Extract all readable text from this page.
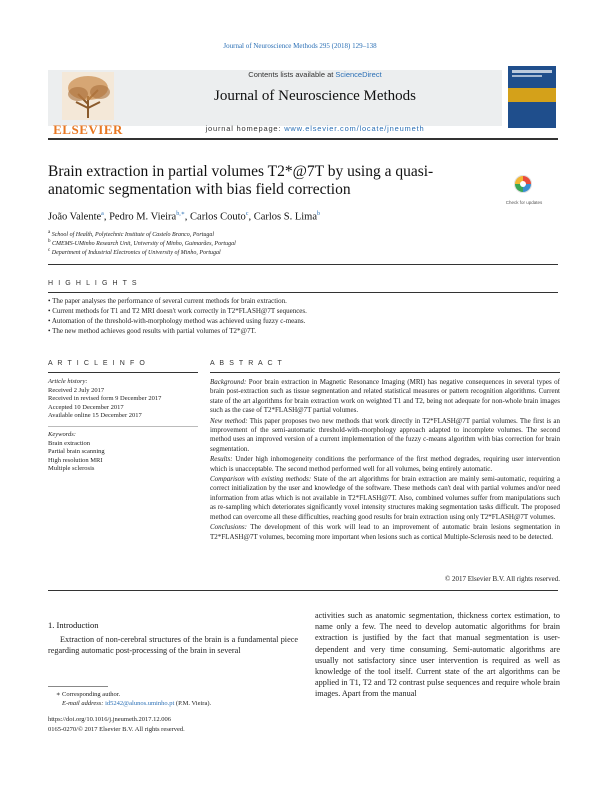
Journal of Neuroscience Methods 295 (2018) 129–138
ELSEVIER
Contents lists available at ScienceDirect
Journal of Neuroscience Methods
journal homepage: www.elsevier.com/locate/jneumeth
Brain extraction in partial volumes T2*@7T by using a quasi-anatomic segmentation with bias field correction
Check for updates
João Valente$^a$, Pedro M. Vieira$^{b,∗}$, Carlos Couto$^c$, Carlos S. Lima$^b$
$^a$ School of Health, Polytechnic Institute of Castelo Branco, Portugal
$^b$ CMEMS-UMinho Research Unit, University of Minho, Guimarães, Portugal
$^c$ Department of Industrial Electronics of University of Minho, Portugal
H I G H L I G H T S
• The paper analyses the performance of several current methods for brain extraction.
• Current methods for T1 and T2 MRI doesn't work correctly in T2*FLASH@7T sequences.
• Automation of the threshold-with-morphology method was achieved using fuzzy c-means.
• The new method achieves good results with partial volumes of T2*@7T.
A R T I C L E I N F O
Article history:
Received 2 July 2017
Received in revised form 9 December 2017
Accepted 10 December 2017
Available online 15 December 2017
Keywords:
Brain extraction
Partial brain scanning
High resolution MRI
Multiple sclerosis
A B S T R A C T

Background: Poor brain extraction in Magnetic Resonance Imaging (MRI) has negative consequences in several types of brain post-extraction such as tissue segmentation and related statistical measures or pattern recognition algorithms. Current state of the art algorithms for brain extraction work on weighted T1 and T2, being not adequate for non-whole brain images such as the case of T2*FLASH@7T partial volumes.

New method: This paper proposes two new methods that work directly in T2*FLASH@7T partial volumes. The first is an improvement of the semi-automatic threshold-with-morphology approach adapted to incomplete volumes. The second method uses an improved version of a current implementation of the fuzzy c-means algorithm with bias correction for brain segmentation.

Results: Under high inhomogeneity conditions the performance of the first method degrades, requiring user intervention which is unacceptable. The second method performed well for all volumes, being entirely automatic.

Comparison with existing methods: State of the art algorithms for brain extraction are mainly semi-automatic, requiring a correct initialization by the user and knowledge of the software. These methods can't deal with partial volumes and/or need information from atlas which is not available in T2*FLASH@7T. Also, combined volumes suffer from manipulations such as re-sampling which deteriorates significantly voxel intensity structures making segmentation tasks difficult. The proposed method can overcome all these difficulties, reaching good results for brain extraction using only T2*FLASH@7T volumes.

Conclusions: The development of this work will lead to an improvement of automatic brain lesions segmentation in T2*FLASH@7T volumes, becoming more important when lesions such as cortical Multiple-Sclerosis need to be detected.

© 2017 Elsevier B.V. All rights reserved.
1. Introduction
Extraction of non-cerebral structures of the brain is a fundamental piece regarding automatic post-processing of the brain in several
activities such as anatomic segmentation, thickness cortex estimation, to name only a few. The need to develop automatic algorithms for brain extraction is justified by the fact that manual segmentation is user-dependent and very time consuming. Semi-automatic algorithms are usually not satisfactory since user intervention is required as well as knowledge of the tool itself. Current state of the art algorithms can be applied in T1, T2 and T2 contrast pulse sequences and require whole brain images. Apart from the manual
∗ Corresponding author.
E-mail address: id5242@alunos.uminho.pt (P.M. Vieira).
https://doi.org/10.1016/j.jneumeth.2017.12.006
0165-0270/© 2017 Elsevier B.V. All rights reserved.
